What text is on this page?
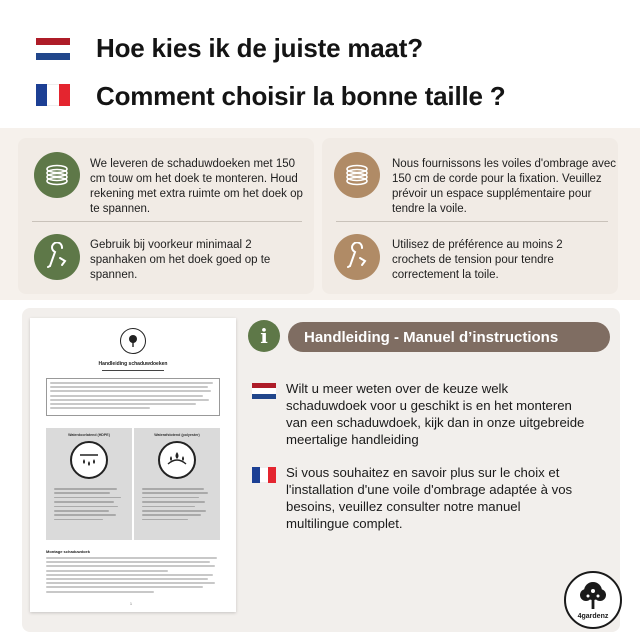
Hoe kies ik de juiste maat?
Comment choisir la bonne taille ?
We leveren de schaduwdoeken met 150 cm touw om het doek te monteren. Houd rekening met extra ruimte om het doek op te spannen.
Gebruik bij voorkeur minimaal 2 spanhaken om het doek goed op te spannen.
Nous fournissons les voiles d'ombrage avec 150 cm de corde pour la fixation. Veuillez prévoir un espace supplémentaire pour tendre la voile.
Utilisez de préférence au moins 2 crochets de tension pour tendre correctement la toile.
Handleiding schaduwdoeken
Waterdoorlatend (HDPE)	Waterafstotend (polyester)
Montage schaduwdoek
1
i	Handleiding - Manuel d’instructions
Wilt u meer weten over de keuze welk schaduwdoek voor u geschikt is en het monteren van een schaduwdoek, kijk dan in onze uitgebreide meertalige handleiding
Si vous souhaitez en savoir plus sur le choix et l'installation d'une voile d'ombrage adaptée à vos besoins, veuillez consulter notre manuel multilingue complet.
4gardenz
